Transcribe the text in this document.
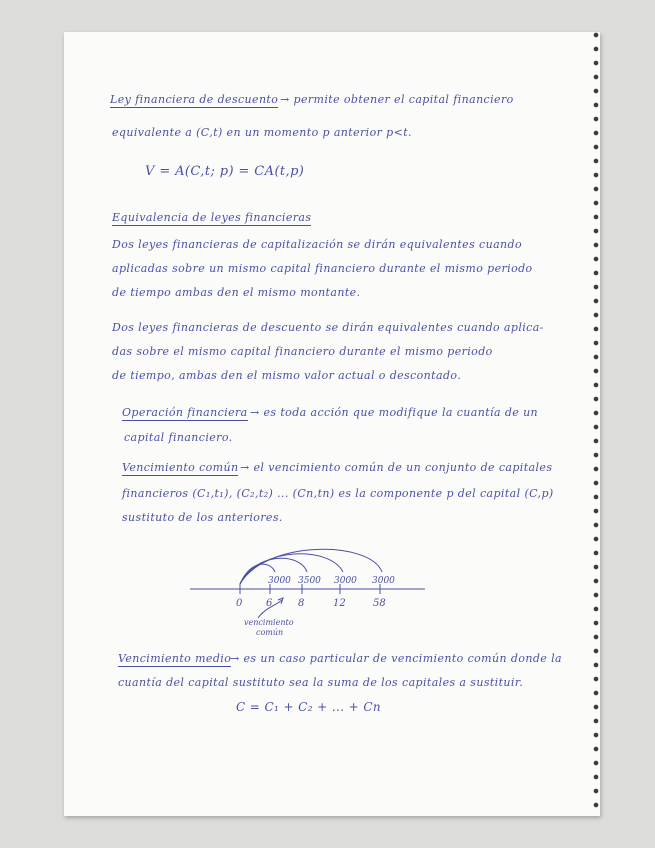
Ley financiera de descuento → permite obtener el capital financiero
equivalente a (C,t) en un momento p anterior p<t.
V = A(C,t; p) = CA(t,p)
Equivalencia de leyes financieras
Dos leyes financieras de capitalización se dirán equivalentes cuando
aplicadas sobre un mismo capital financiero durante el mismo periodo
de tiempo ambas den el mismo montante.
Dos leyes financieras de descuento se dirán equivalentes cuando aplica-
das sobre el mismo capital financiero durante el mismo periodo
de tiempo, ambas den el mismo valor actual o descontado.
Operación financiera → es toda acción que modifique la cuantía de un
capital financiero.
Vencimiento común → el vencimiento común de un conjunto de capitales
financieros (C₁,t₁), (C₂,t₂) ... (Cn,tn) es la componente p del capital (C,p)
sustituto de los anteriores.
3000 3500 3000 3000
0 6	8	12	58
vencimiento
común
Vencimiento medio
→ es un caso particular de vencimiento común donde la
cuantía del capital sustituto sea la suma de los capitales a sustituir.
C = C₁ + C₂ + ... + Cn
